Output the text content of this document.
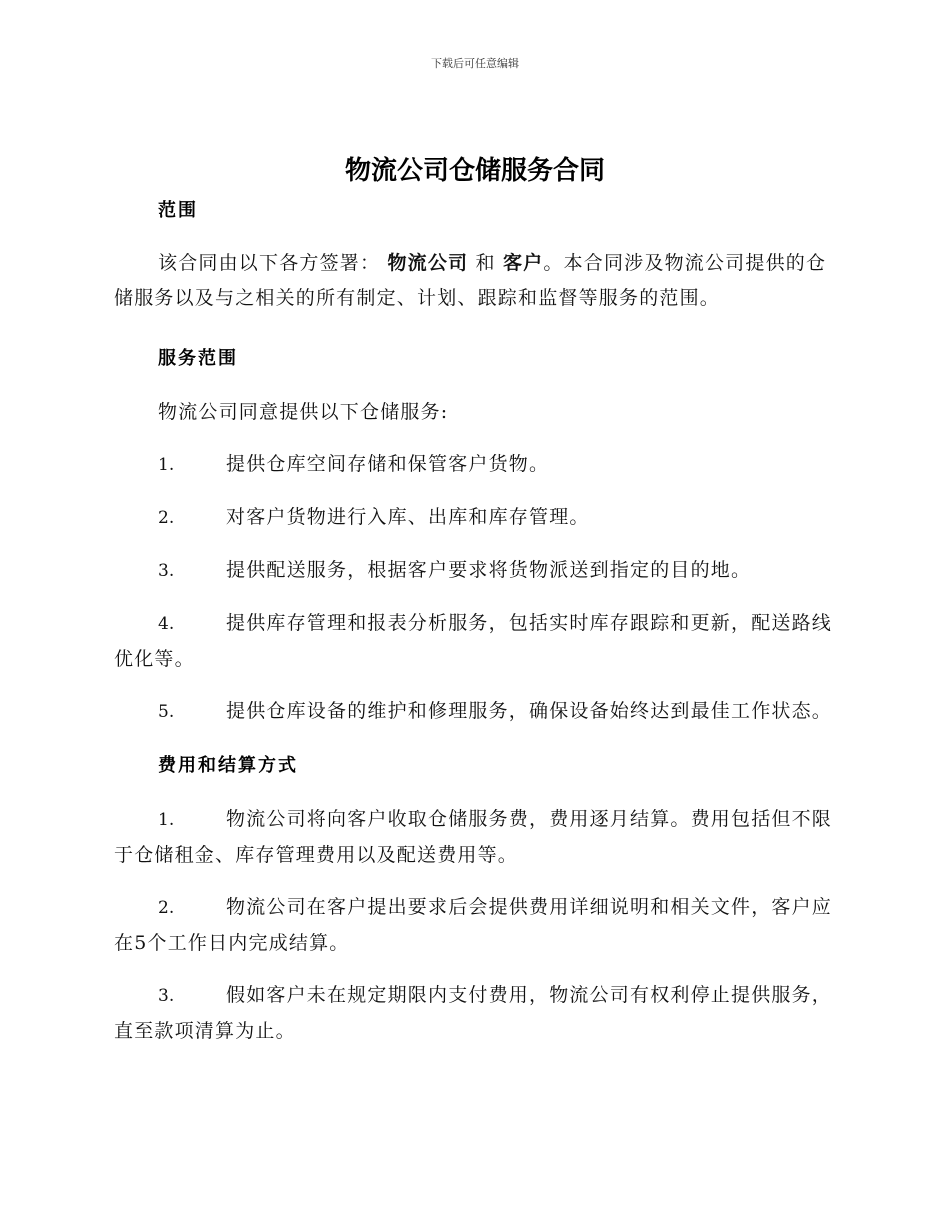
下载后可任意编辑
物流公司仓储服务合同
范围

该合同由以下各方签署： 物流公司 和 客户。本合同涉及物流公司提供的仓储服务以及与之相关的所有制定、计划、跟踪和监督等服务的范围。

服务范围

物流公司同意提供以下仓储服务:

1.	提供仓库空间存储和保管客户货物。

2.	对客户货物进行入库、出库和库存管理。

3.	提供配送服务，根据客户要求将货物派送到指定的目的地。

4.	提供库存管理和报表分析服务，包括实时库存跟踪和更新，配送路线优化等。

5.	提供仓库设备的维护和修理服务，确保设备始终达到最佳工作状态。

费用和结算方式

1.	物流公司将向客户收取仓储服务费，费用逐月结算。费用包括但不限于仓储租金、库存管理费用以及配送费用等。

2.	物流公司在客户提出要求后会提供费用详细说明和相关文件，客户应在5个工作日内完成结算。

3.	假如客户未在规定期限内支付费用，物流公司有权利停止提供服务，直至款项清算为止。
